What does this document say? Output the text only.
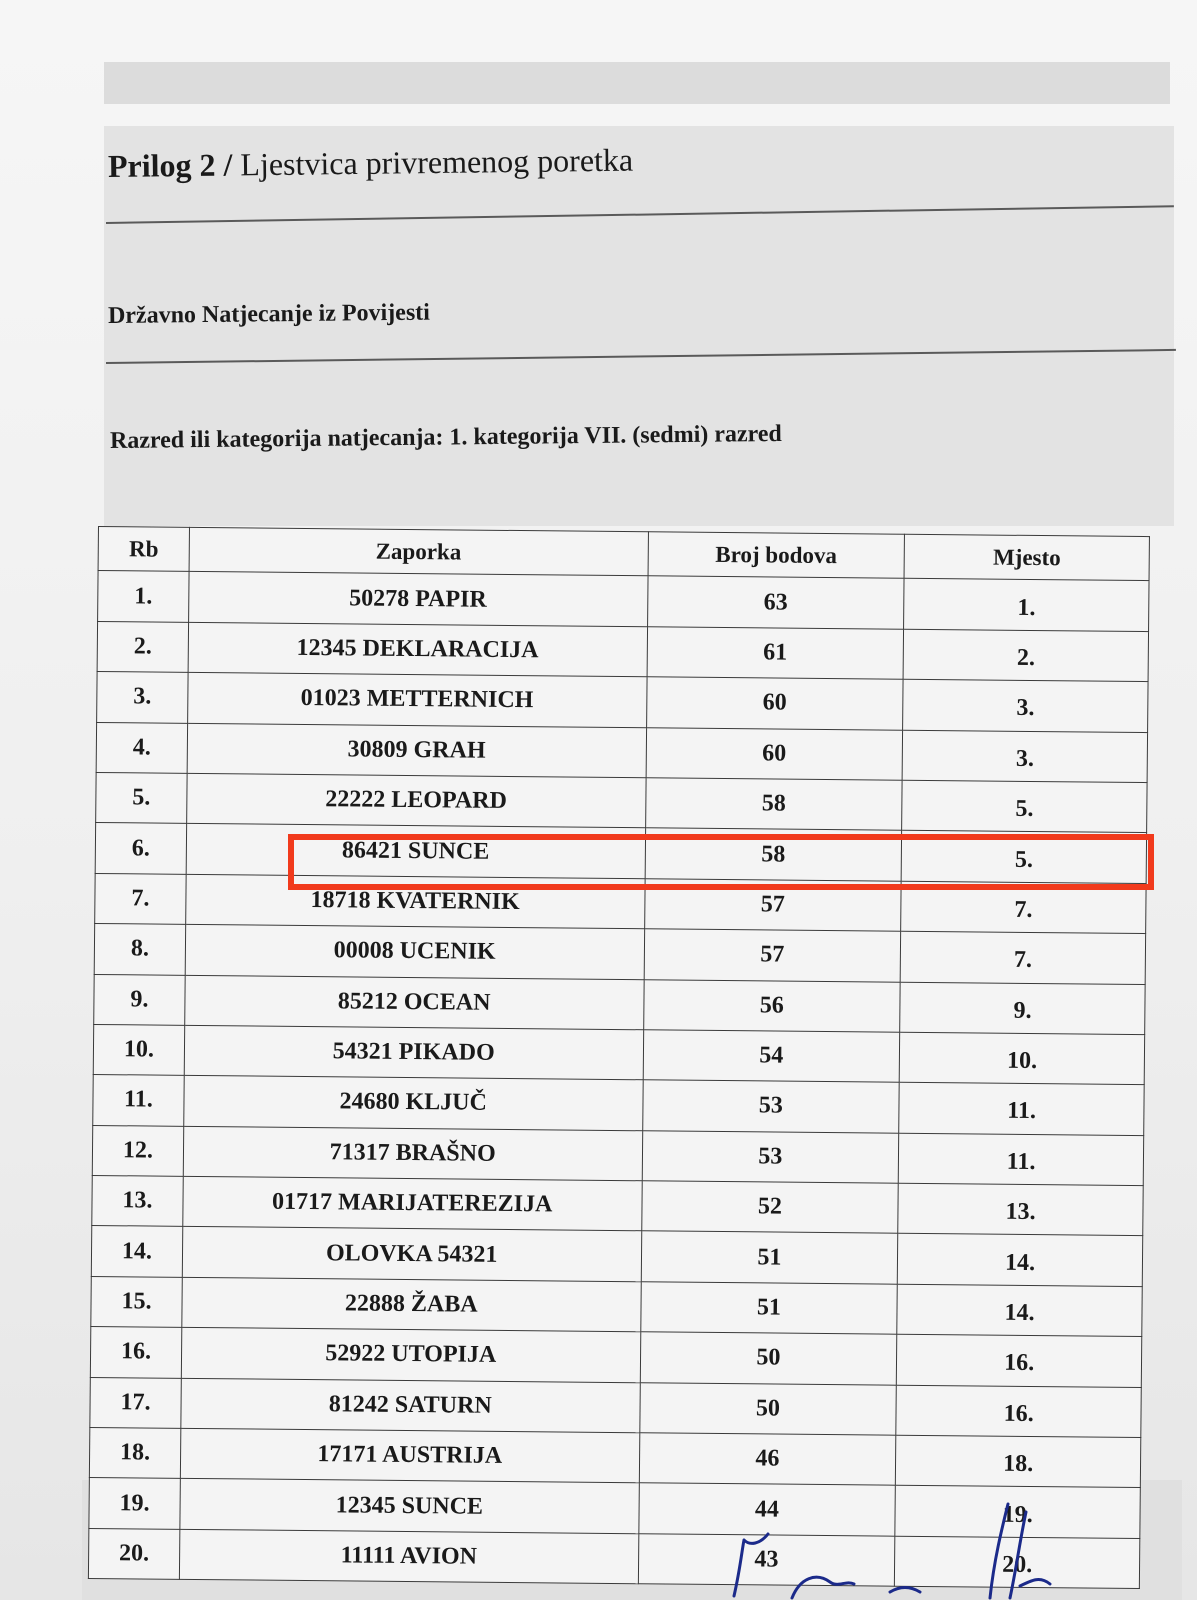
Prilog 2 / Ljestvica privremenog poretka
Državno Natjecanje iz Povijesti
Razred ili kategorija natjecanja: 1. kategorija VII. (sedmi) razred
Rb	Zaporka	Broj bodova	Mjesto
1.	50278 PAPIR	63	1.
2.	12345 DEKLARACIJA	61	2.
3.	01023 METTERNICH	60	3.
4.	30809 GRAH	60	3.
5.	22222 LEOPARD	58	5.
6.	86421 SUNCE	58	5.
7.	18718 KVATERNIK	57	7.
8.	00008 UCENIK	57	7.
9.	85212 OCEAN	56	9.
10.	54321 PIKADO	54	10.
11.	24680 KLJUČ	53	11.
12.	71317 BRAŠNO	53	11.
13.	01717 MARIJATEREZIJA	52	13.
14.	OLOVKA 54321	51	14.
15.	22888 ŽABA	51	14.
16.	52922 UTOPIJA	50	16.
17.	81242 SATURN	50	16.
18.	17171 AUSTRIJA	46	18.
19.	12345 SUNCE	44	19.
20.	11111 AVION	43	20.
